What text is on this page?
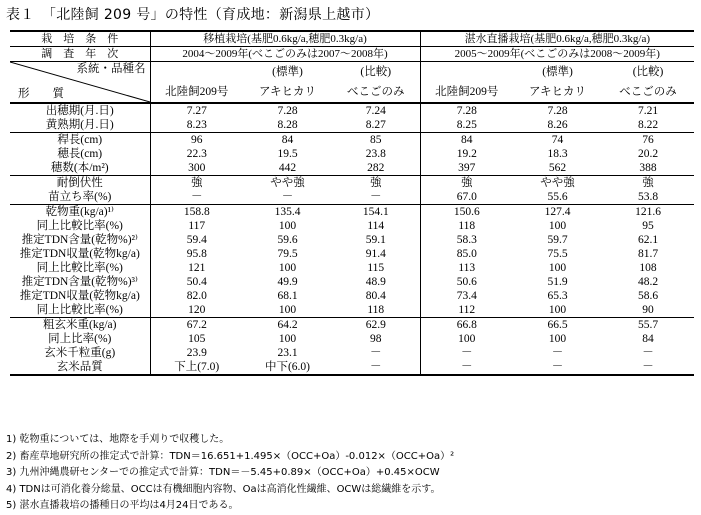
表１　「北陸飼 209 号」の特性（育成地：新潟県上越市）
栽　培　条　件	移植栽培(基肥0.6kg/a,穂肥0.3kg/a)			湛水直播栽培(基肥0.6kg/a,穂肥0.3kg/a)		
調　査　年　次	2004～2009年(べこごのみは2007～2008年)			2005～2009年(べこごのみは2008～2009年)		

系統・品種名
形　　質		(標準)	(比較)		(標準)	(比較)
	北陸飼209号	アキヒカリ	べこごのみ	北陸飼209号	アキヒカリ	べこごのみ
出穂期(月.日)	7.27	7.28	7.24	7.28	7.28	7.21
黄熟期(月.日)	8.23	8.28	8.27	8.25	8.26	8.22
稈長(cm)	96	84	85	84	74	76
穂長(cm)	22.3	19.5	23.8	19.2	18.3	20.2
穂数(本/m²)	300	442	282	397	562	388
耐倒伏性	強	やや強	強	強	やや強	強
苗立ち率(%)	－	－	－	67.0	55.6	53.8
乾物重(kg/a)¹⁾	158.8	135.4	154.1	150.6	127.4	121.6
同上比較比率(%)	117	100	114	118	100	95
推定TDN含量(乾物%)²⁾	59.4	59.6	59.1	58.3	59.7	62.1
推定TDN収量(乾物kg/a)	95.8	79.5	91.4	85.0	75.5	81.7
同上比較比率(%)	121	100	115	113	100	108
推定TDN含量(乾物%)³⁾	50.4	49.9	48.9	50.6	51.9	48.2
推定TDN収量(乾物kg/a)	82.0	68.1	80.4	73.4	65.3	58.6
同上比較比率(%)	120	100	118	112	100	90
粗玄米重(kg/a)	67.2	64.2	62.9	66.8	66.5	55.7
同上比率(%)	105	100	98	100	100	84
玄米千粒重(g)	23.9	23.1	－	－	－	－
玄米品質	下上(7.0)	中下(6.0)	－	－	－	－
1) 乾物重については、地際を手刈りで収穫した。
2) 畜産草地研究所の推定式で計算：TDN＝16.651+1.495×（OCC+Oa）-0.012×（OCC+Oa）²
3) 九州沖縄農研センターでの推定式で計算：TDN＝－5.45+0.89×（OCC+Oa）+0.45×OCW
4) TDNは可消化養分総量、OCCは有機細胞内容物、Oaは高消化性繊維、OCWは総繊維を示す。
5) 湛水直播栽培の播種日の平均は4月24日である。
